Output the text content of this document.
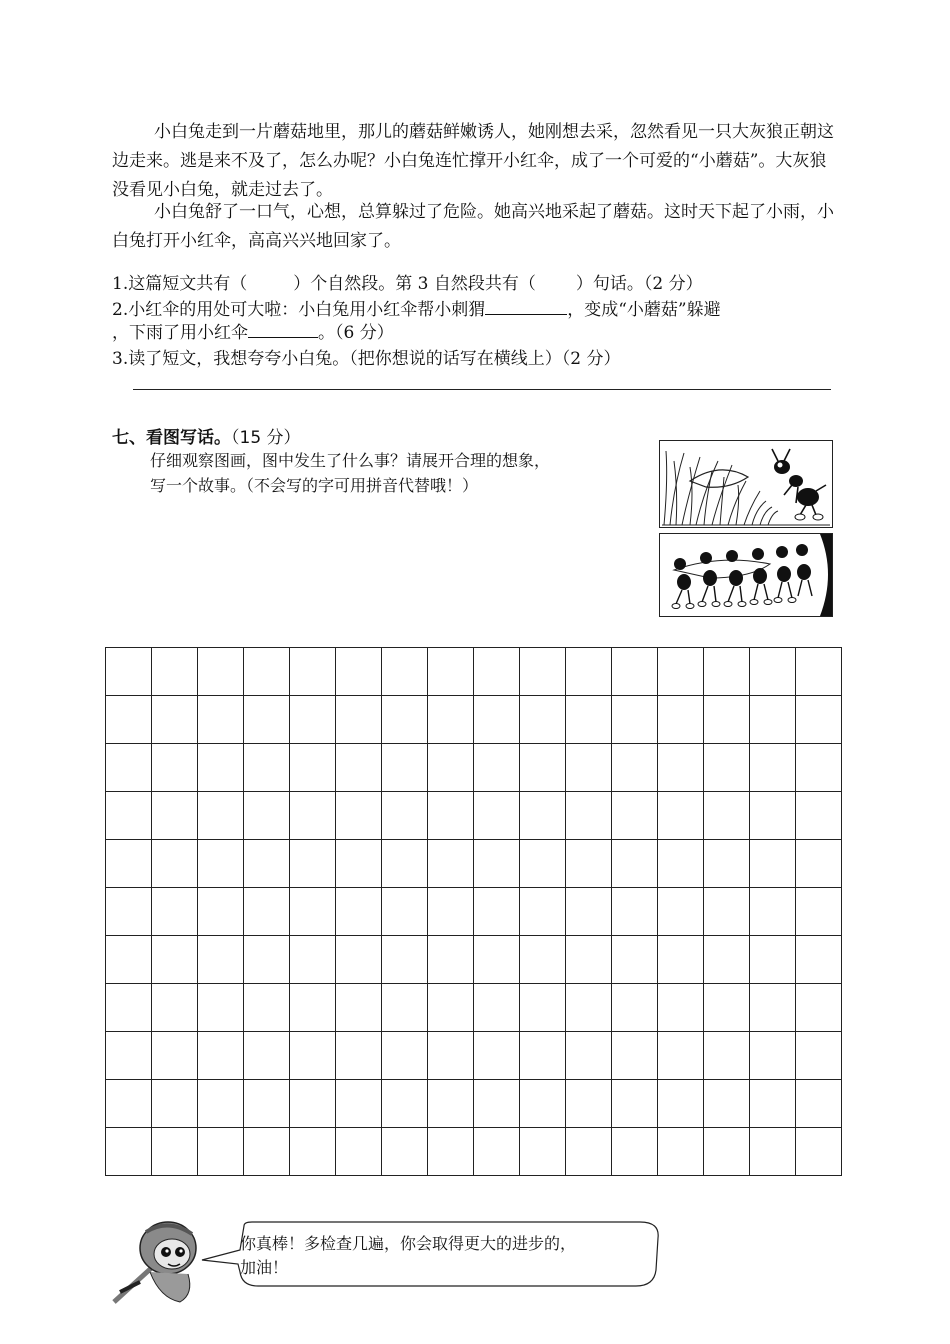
小白兔走到一片蘑菇地里，那儿的蘑菇鲜嫩诱人，她刚想去采，忽然看见一只大灰狼正朝这边走来。逃是来不及了，怎么办呢？小白兔连忙撑开小红伞，成了一个可爱的“小蘑菇”。大灰狼没看见小白兔，就走过去了。

小白兔舒了一口气，心想，总算躲过了危险。她高兴地采起了蘑菇。这时天下起了小雨，小白兔打开小红伞，高高兴兴地回家了。

1.这篇短文共有（	）个自然段。第 3 自然段共有（ ）句话。（2 分）

2.小红伞的用处可大啦：小白兔用小红伞帮小刺猬	，变成“小蘑菇”躲避

，下雨了用小红伞	。（6 分）

3.读了短文，我想夸夸小白兔。（把你想说的话写在横线上）（2 分）

七、看图写话。（15 分）
仔细观察图画，图中发生了什么事？请展开合理的想象，
写一个故事。（不会写的字可用拼音代替哦！）

你真棒！多检查几遍，你会取得更大的进步的，
加油！
